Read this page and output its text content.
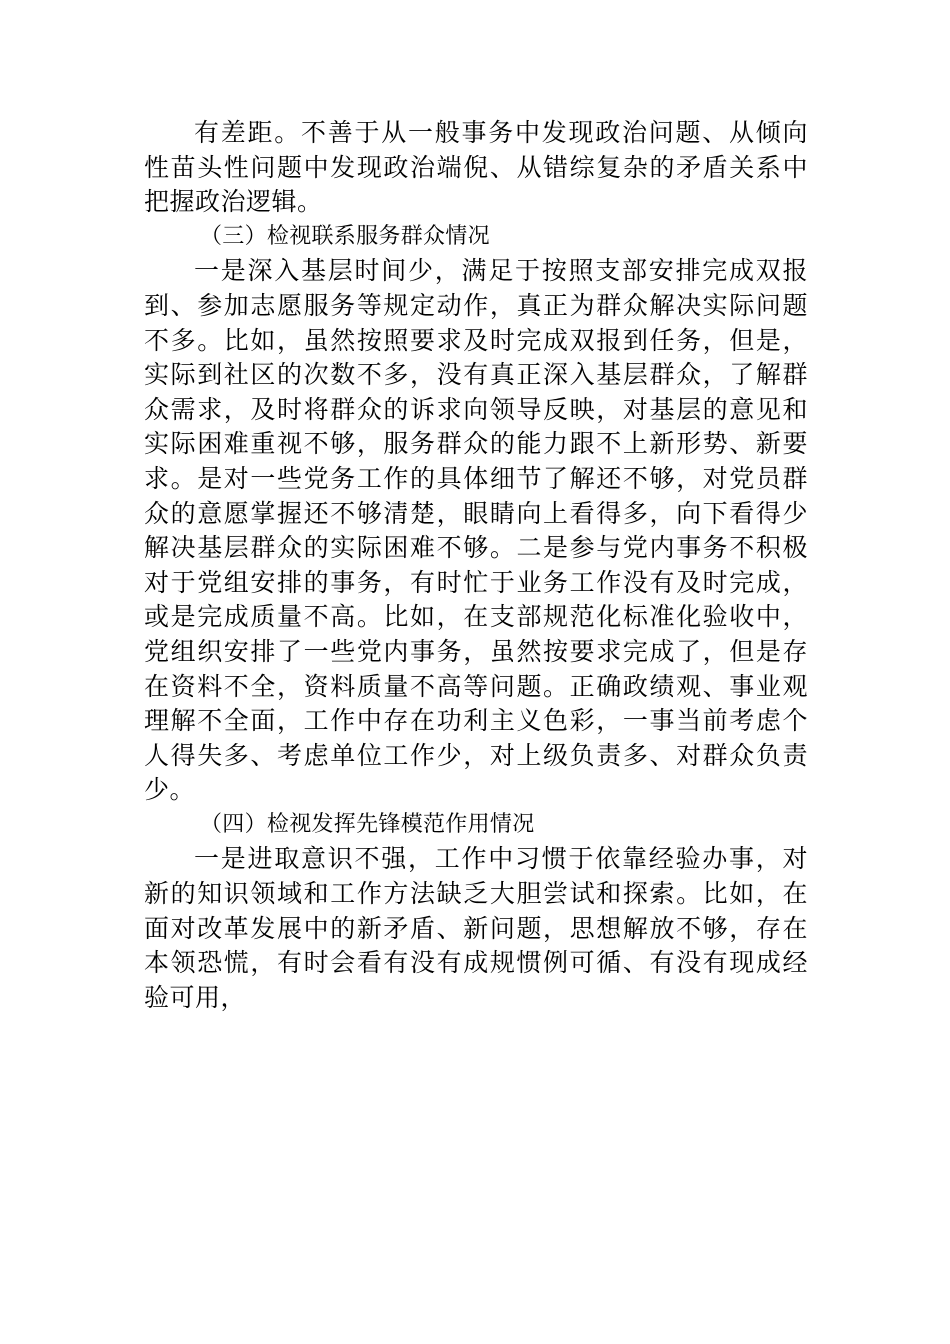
有差距。不善于从一般事务中发现政治问题、从倾向
性苗头性问题中发现政治端倪、从错综复杂的矛盾关系中
把握政治逻辑。
（三）检视联系服务群众情况
一是深入基层时间少，满足于按照支部安排完成双报
到、参加志愿服务等规定动作，真正为群众解决实际问题
不多。比如，虽然按照要求及时完成双报到任务，但是，
实际到社区的次数不多，没有真正深入基层群众，了解群
众需求，及时将群众的诉求向领导反映，对基层的意见和
实际困难重视不够，服务群众的能力跟不上新形势、新要
求。是对一些党务工作的具体细节了解还不够，对党员群
众的意愿掌握还不够清楚，眼睛向上看得多，向下看得少
解决基层群众的实际困难不够。二是参与党内事务不积极
对于党组安排的事务，有时忙于业务工作没有及时完成，
或是完成质量不高。比如，在支部规范化标准化验收中，
党组织安排了一些党内事务，虽然按要求完成了，但是存
在资料不全，资料质量不高等问题。正确政绩观、事业观
理解不全面，工作中存在功利主义色彩，一事当前考虑个
人得失多、考虑单位工作少，对上级负责多、对群众负责
少。
（四）检视发挥先锋模范作用情况
一是进取意识不强，工作中习惯于依靠经验办事，对
新的知识领域和工作方法缺乏大胆尝试和探索。比如，在
面对改革发展中的新矛盾、新问题，思想解放不够，存在
本领恐慌，有时会看有没有成规惯例可循、有没有现成经
验可用，
